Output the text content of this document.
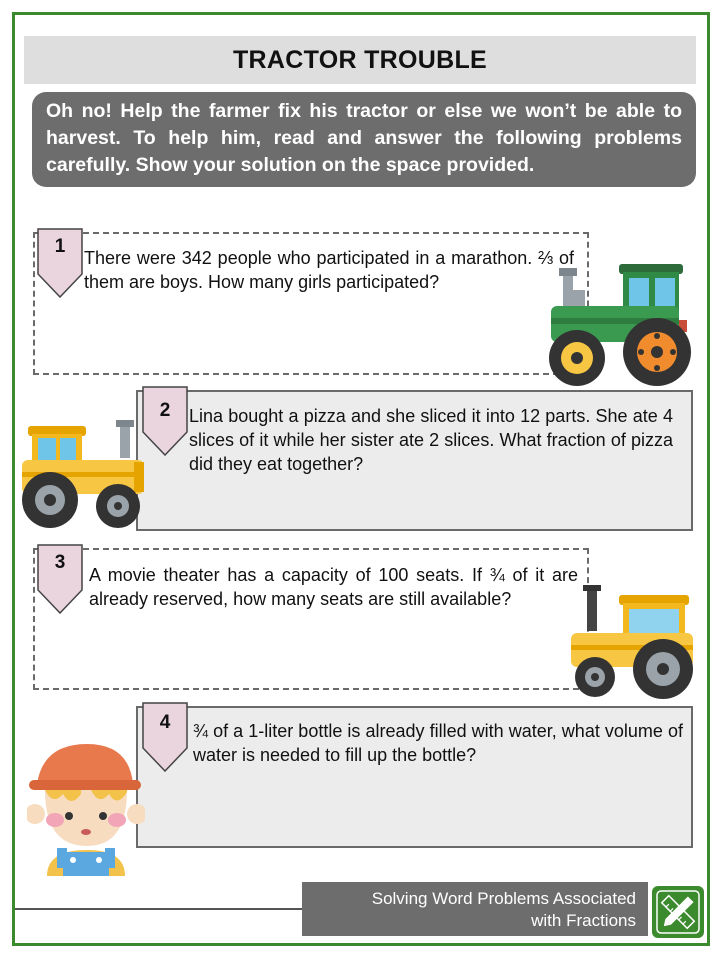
TRACTOR TROUBLE
Oh no! Help the farmer fix his tractor or else we won’t be able to harvest. To help him, read and answer the following problems carefully. Show your solution on the space provided.
1
There were 342 people who participated in a marathon. ⅔ of them are boys. How many girls participated?
2	Lina bought a pizza and she sliced it into 12 parts. She ate 4 slices of it while her sister ate 2 slices. What fraction of pizza did they eat together?
3
A movie theater has a capacity of 100 seats. If ¾ of it are already reserved, how many seats are still available?
4	¾ of a 1-liter bottle is already filled with water, what volume of water is needed to fill up the bottle?
Solving Word Problems Associated
with Fractions
